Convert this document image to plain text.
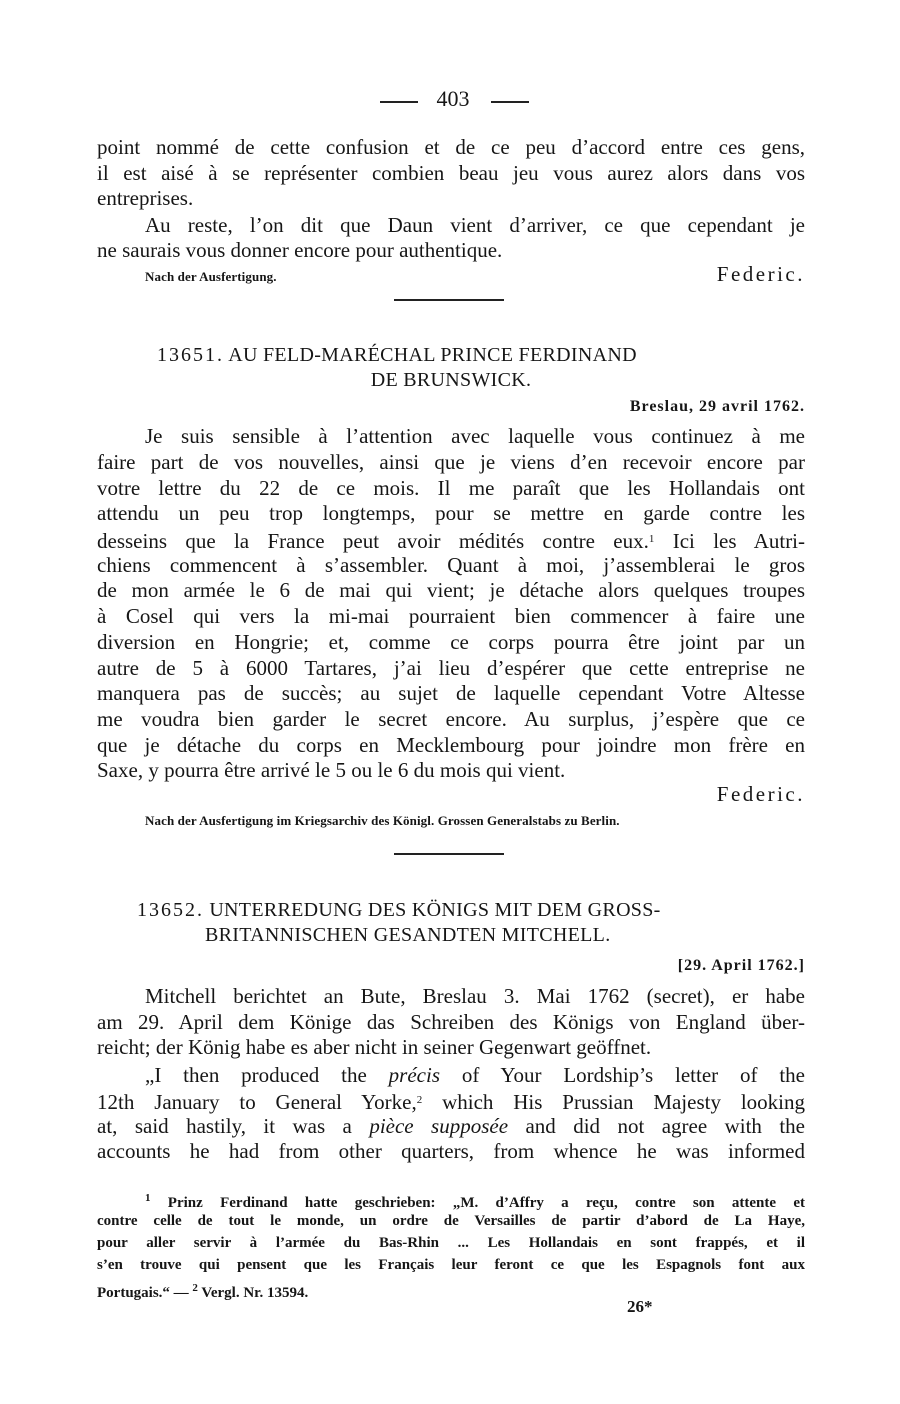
403
point nommé de cette confusion et de ce peu d’accord entre ces gens,
il est aisé à se représenter combien beau jeu vous aurez alors dans vos
entreprises.
Au reste, l’on dit que Daun vient d’arriver, ce que cependant je
ne saurais vous donner encore pour authentique.
Nach der Ausfertigung.	Federic.
13651. AU FELD-MARÉCHAL PRINCE FERDINAND
DE BRUNSWICK.
Breslau, 29 avril 1762.
Je suis sensible à l’attention avec laquelle vous continuez à me
faire part de vos nouvelles, ainsi que je viens d’en recevoir encore par
votre lettre du 22 de ce mois. Il me paraît que les Hollandais ont
attendu un peu trop longtemps, pour se mettre en garde contre les
desseins que la France peut avoir médités contre eux.$^1$ Ici les Autri-
chiens commencent à s’assembler. Quant à moi, j’assemblerai le gros
de mon armée le 6 de mai qui vient; je détache alors quelques troupes
à Cosel qui vers la mi-mai pourraient bien commencer à faire une
diversion en Hongrie; et, comme ce corps pourra être joint par un
autre de 5 à 6000 Tartares, j’ai lieu d’espérer que cette entreprise ne
manquera pas de succès; au sujet de laquelle cependant Votre Altesse
me voudra bien garder le secret encore. Au surplus, j’espère que ce
que je détache du corps en Mecklembourg pour joindre mon frère en
Saxe, y pourra être arrivé le 5 ou le 6 du mois qui vient.
Federic.
Nach der Ausfertigung im Kriegsarchiv des Königl. Grossen Generalstabs zu Berlin.
13652. UNTERREDUNG DES KÖNIGS MIT DEM GROSS-
BRITANNISCHEN GESANDTEN MITCHELL.
[29. April 1762.]
Mitchell berichtet an Bute, Breslau 3. Mai 1762 (secret), er habe
am 29. April dem Könige das Schreiben des Königs von England über-
reicht; der König habe es aber nicht in seiner Gegenwart geöffnet.
„I then produced the précis of Your Lordship’s letter of the
12th January to General Yorke,$^2$ which His Prussian Majesty looking
at, said hastily, it was a pièce supposée and did not agree with the
accounts he had from other quarters, from whence he was informed
$^1$ Prinz Ferdinand hatte geschrieben: „M. d’Affry a reçu, contre son attente et
contre celle de tout le monde, un ordre de Versailles de partir d’abord de La Haye,
pour aller servir à l’armée du Bas-Rhin ... Les Hollandais en sont frappés, et il
s’en trouve qui pensent que les Français leur feront ce que les Espagnols font aux
Portugais.“ — $^2$ Vergl. Nr. 13594.
26*
